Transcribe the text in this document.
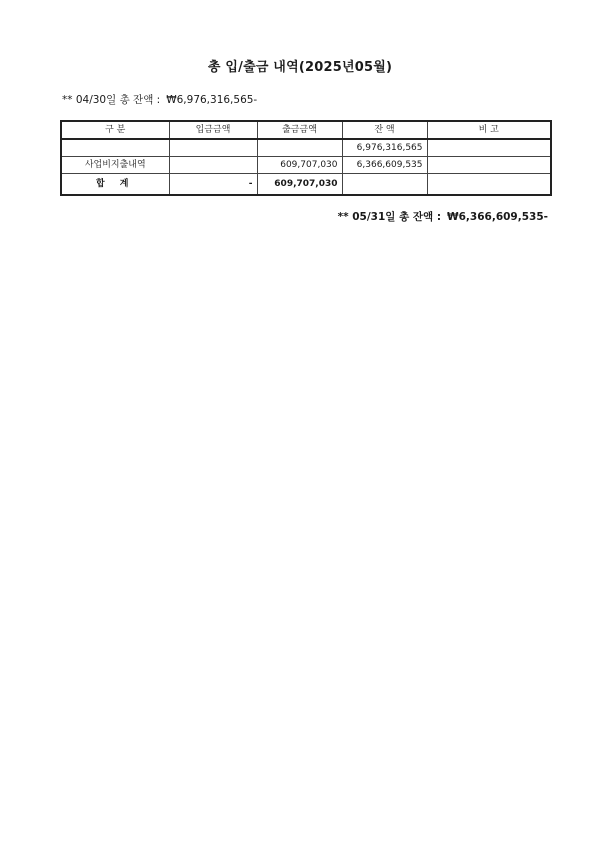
총 입/출금 내역(2025년05월)
** 04/30일 총 잔액 : ₩6,976,316,565-
구 분	입금금액	출금금액	잔 액	비 고
			6,976,316,565	
사업비지출내역		609,707,030	6,366,609,535	
합 계	-	609,707,030		
** 05/31일 총 잔액 : ₩6,366,609,535-
